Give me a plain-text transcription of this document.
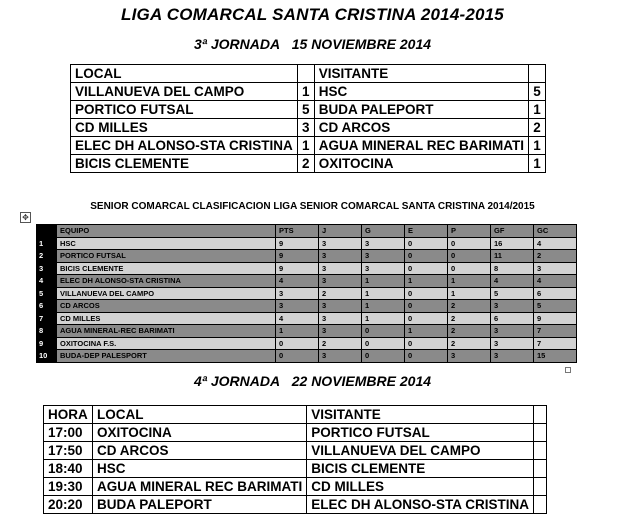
LIGA COMARCAL SANTA CRISTINA 2014-2015
3ª JORNADA 15 NOVIEMBRE 2014
LOCAL		VISITANTE	
VILLANUEVA DEL CAMPO	1	HSC	5
PORTICO FUTSAL	5	BUDA PALEPORT	1
CD MILLES	3	CD ARCOS	2
ELEC DH ALONSO-STA CRISTINA	1	AGUA MINERAL REC BARIMATI	1
BICIS CLEMENTE	2	OXITOCINA	1
SENIOR COMARCAL CLASIFICACION LIGA SENIOR COMARCAL SANTA CRISTINA 2014/2015
✥
	EQUIPO	PTS	J	G	E	P	GF	GC
1	HSC	9	3	3	0	0	16	4
2	PORTICO FUTSAL	9	3	3	0	0	11	2
3	BICIS CLEMENTE	9	3	3	0	0	8	3
4	ELEC DH ALONSO-STA CRISTINA	4	3	1	1	1	4	4
5	VILLANUEVA DEL CAMPO	3	2	1	0	1	5	6
6	CD ARCOS	3	3	1	0	2	3	5
7	CD MILLES	4	3	1	0	2	6	9
8	AGUA MINERAL-REC BARIMATI	1	3	0	1	2	3	7
9	OXITOCINA F.S.	0	2	0	0	2	3	7
10	BUDA-DEP PALESPORT	0	3	0	0	3	3	15
4ª JORNADA 22 NOVIEMBRE 2014
HORA	LOCAL	VISITANTE	
17:00	OXITOCINA	PORTICO FUTSAL	
17:50	CD ARCOS	VILLANUEVA DEL CAMPO	
18:40	HSC	BICIS CLEMENTE	
19:30	AGUA MINERAL REC BARIMATI	CD MILLES	
20:20	BUDA PALEPORT	ELEC DH ALONSO-STA CRISTINA	
